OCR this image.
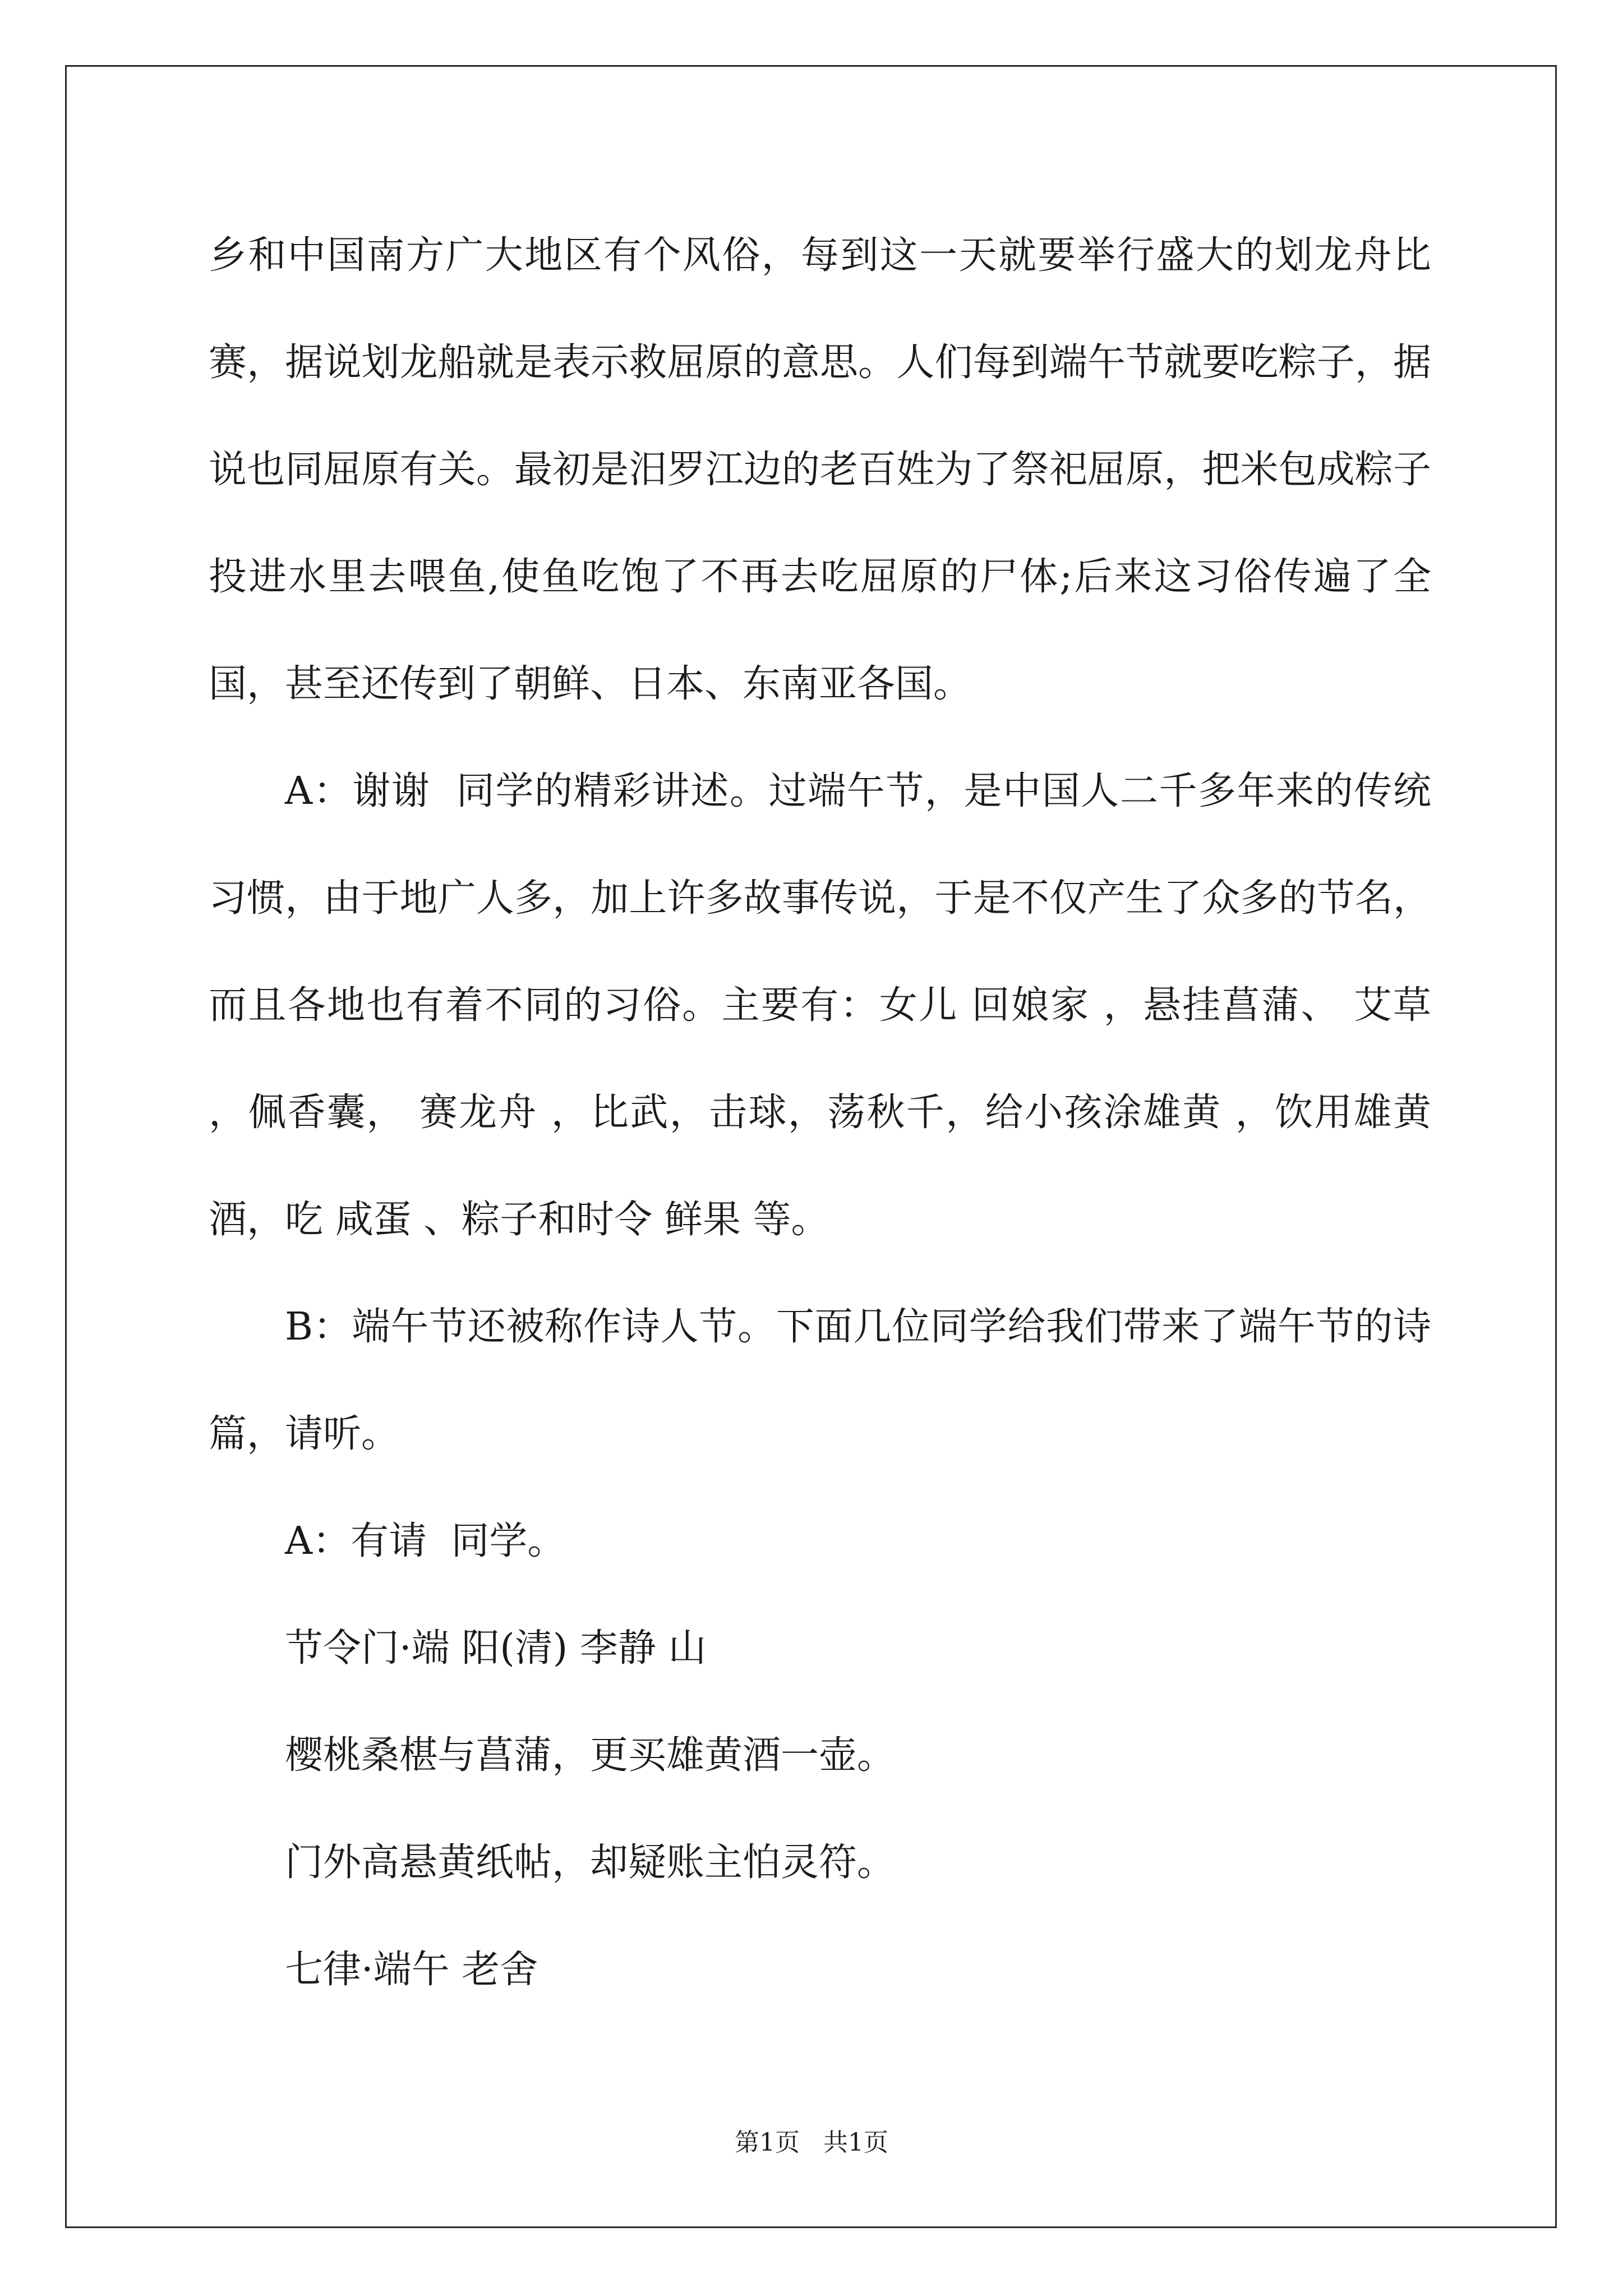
乡和中国南方广大地区有个风俗，每到这一天就要举行盛大的划龙舟比赛，据说划龙船就是表示救屈原的意思。人们每到端午节就要吃粽子，据说也同屈原有关。最初是汨罗江边的老百姓为了祭祀屈原，把米包成粽子投进水里去喂鱼,使鱼吃饱了不再去吃屈原的尸体;后来这习俗传遍了全国，甚至还传到了朝鲜、日本、东南亚各国。

A：谢谢  同学的精彩讲述。过端午节，是中国人二千多年来的传统习惯，由于地广人多，加上许多故事传说，于是不仅产生了众多的节名，而且各地也有着不同的习俗。主要有：女儿 回娘家 ，悬挂菖蒲、 艾草 ，佩香囊， 赛龙舟 ，比武，击球，荡秋千，给小孩涂雄黄 ，饮用雄黄酒，吃 咸蛋 、粽子和时令 鲜果 等。

B：端午节还被称作诗人节。下面几位同学给我们带来了端午节的诗篇，请听。

A：有请  同学。

节令门·端 阳(清) 李静 山

樱桃桑椹与菖蒲，更买雄黄酒一壶。

门外高悬黄纸帖，却疑账主怕灵符。

七律·端午 老舍

第1页   共1页
